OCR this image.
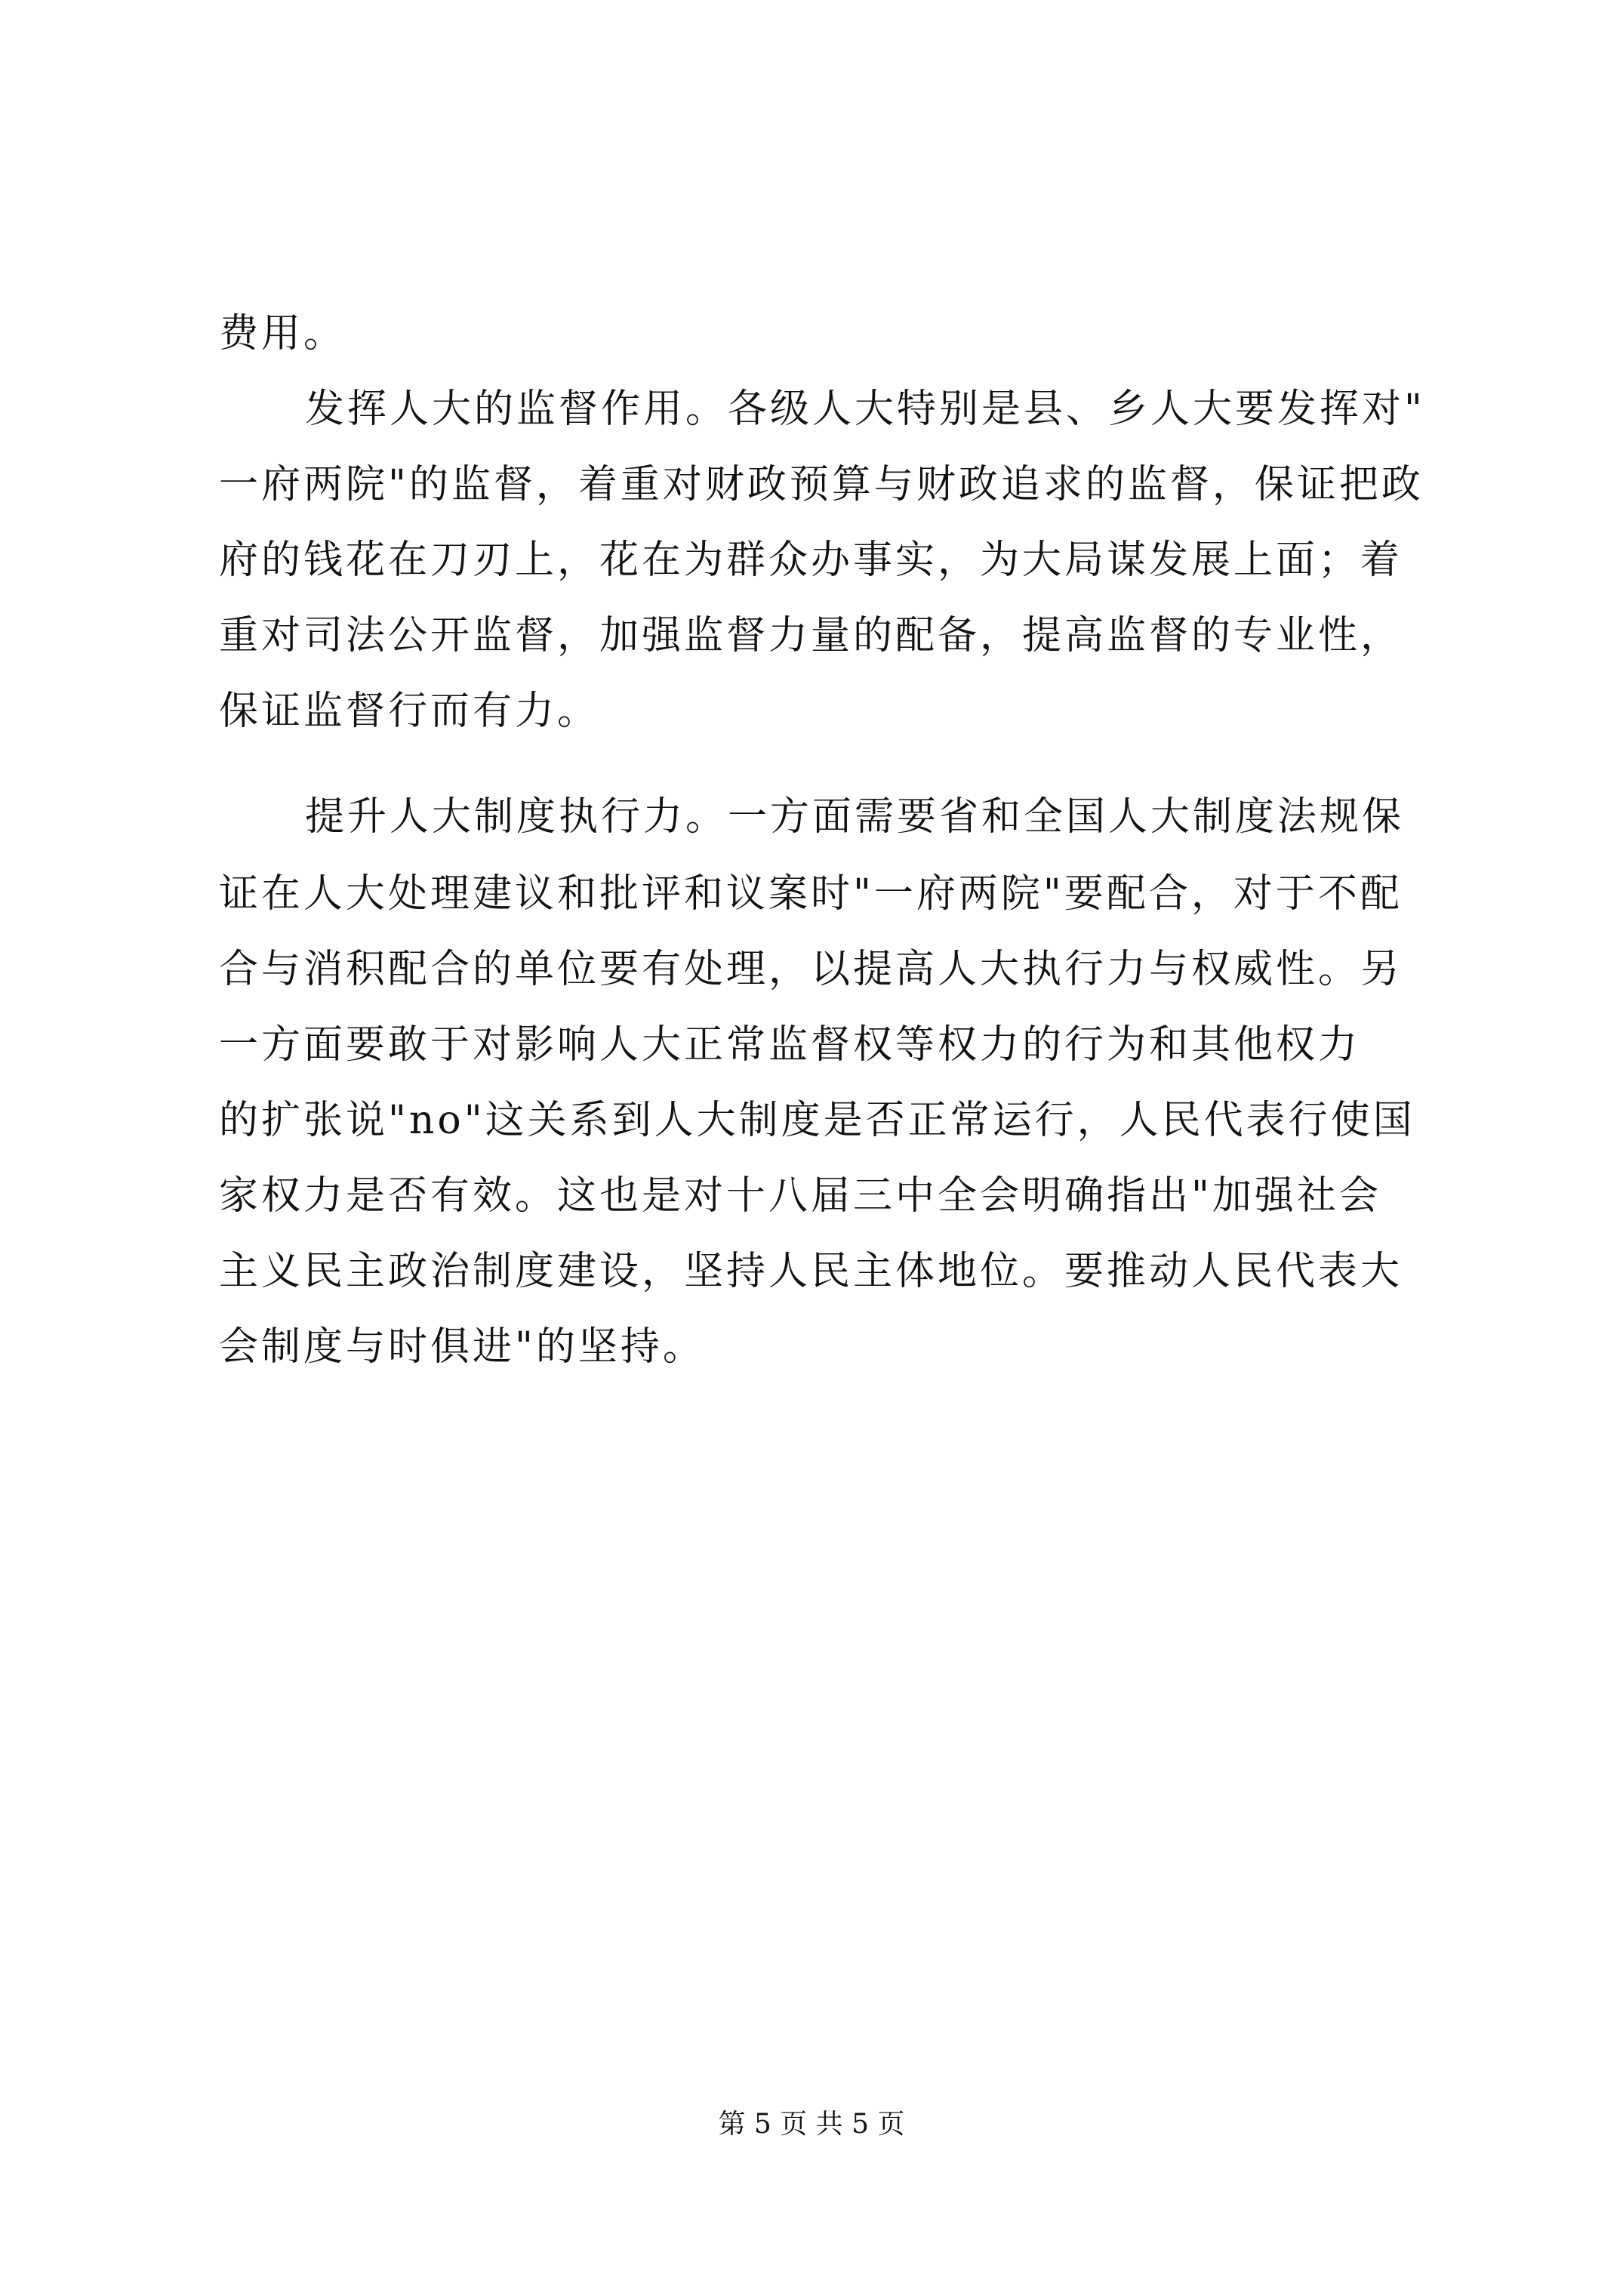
费用。
发挥人大的监督作用。各级人大特别是县、乡人大要发挥对"
一府两院"的监督，着重对财政预算与财政追求的监督，保证把政
府的钱花在刀刃上，花在为群众办事实，为大局谋发展上面；着
重对司法公开监督，加强监督力量的配备，提高监督的专业性，
保证监督行而有力。
提升人大制度执行力。一方面需要省和全国人大制度法规保
证在人大处理建议和批评和议案时"一府两院"要配合，对于不配
合与消积配合的单位要有处理，以提高人大执行力与权威性。另
一方面要敢于对影响人大正常监督权等权力的行为和其他权力
的扩张说"no"这关系到人大制度是否正常运行，人民代表行使国
家权力是否有效。这也是对十八届三中全会明确指出"加强社会
主义民主政治制度建设，坚持人民主体地位。要推动人民代表大
会制度与时俱进"的坚持。
第 5 页 共 5 页
